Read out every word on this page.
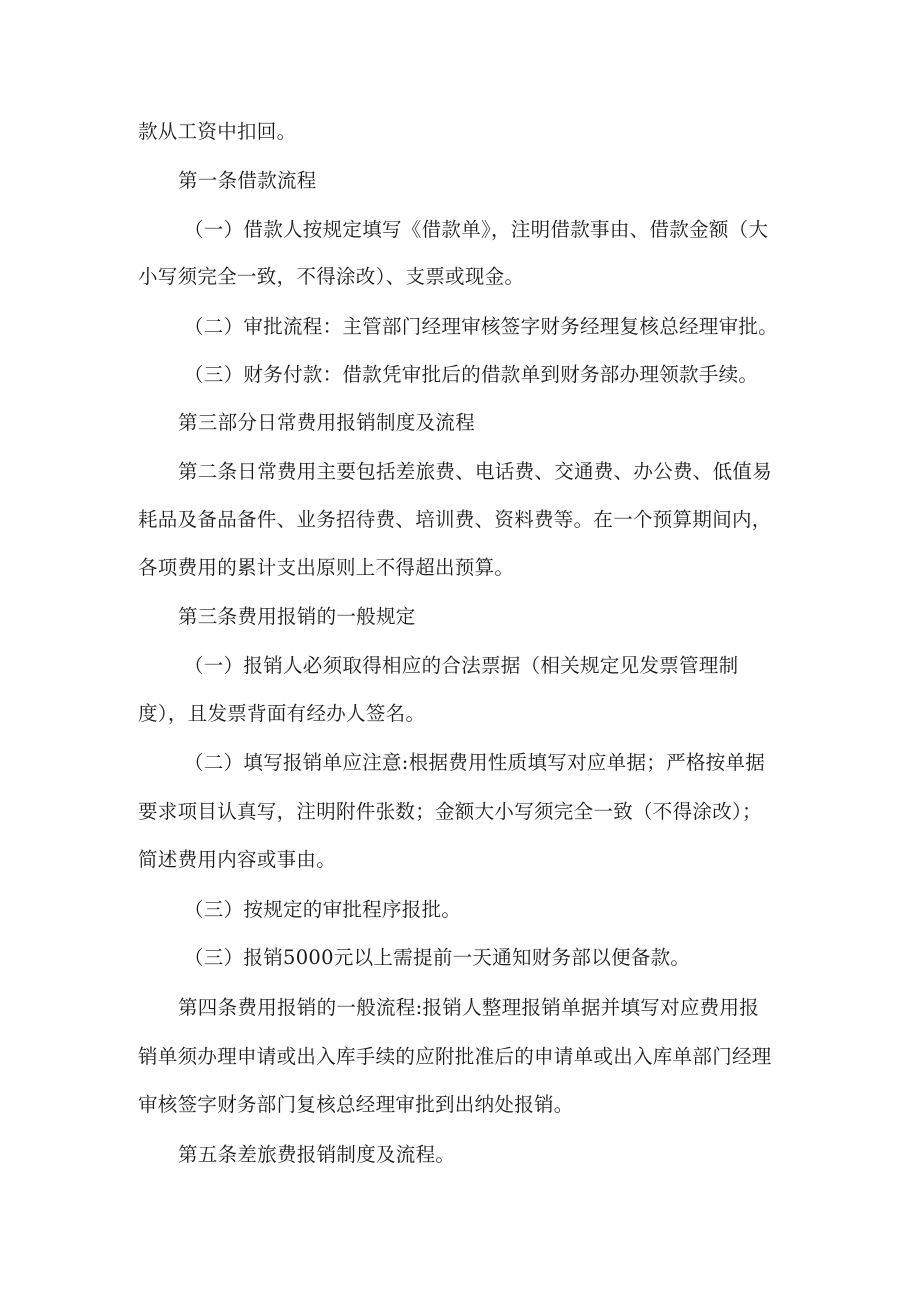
款从工资中扣回。
第一条借款流程
（一）借款人按规定填写《借款单》，注明借款事由、借款金额（大
小写须完全一致，不得涂改）、支票或现金。
（二）审批流程：主管部门经理审核签字财务经理复核总经理审批。
（三）财务付款：借款凭审批后的借款单到财务部办理领款手续。
第三部分日常费用报销制度及流程
第二条日常费用主要包括差旅费、电话费、交通费、办公费、低值易
耗品及备品备件、业务招待费、培训费、资料费等。在一个预算期间内，
各项费用的累计支出原则上不得超出预算。
第三条费用报销的一般规定
（一）报销人必须取得相应的合法票据（相关规定见发票管理制
度），且发票背面有经办人签名。
（二）填写报销单应注意:根据费用性质填写对应单据；严格按单据
要求项目认真写，注明附件张数；金额大小写须完全一致（不得涂改）；
简述费用内容或事由。
（三）按规定的审批程序报批。
（三）报销5000元以上需提前一天通知财务部以便备款。
第四条费用报销的一般流程:报销人整理报销单据并填写对应费用报
销单须办理申请或出入库手续的应附批准后的申请单或出入库单部门经理
审核签字财务部门复核总经理审批到出纳处报销。
第五条差旅费报销制度及流程。
